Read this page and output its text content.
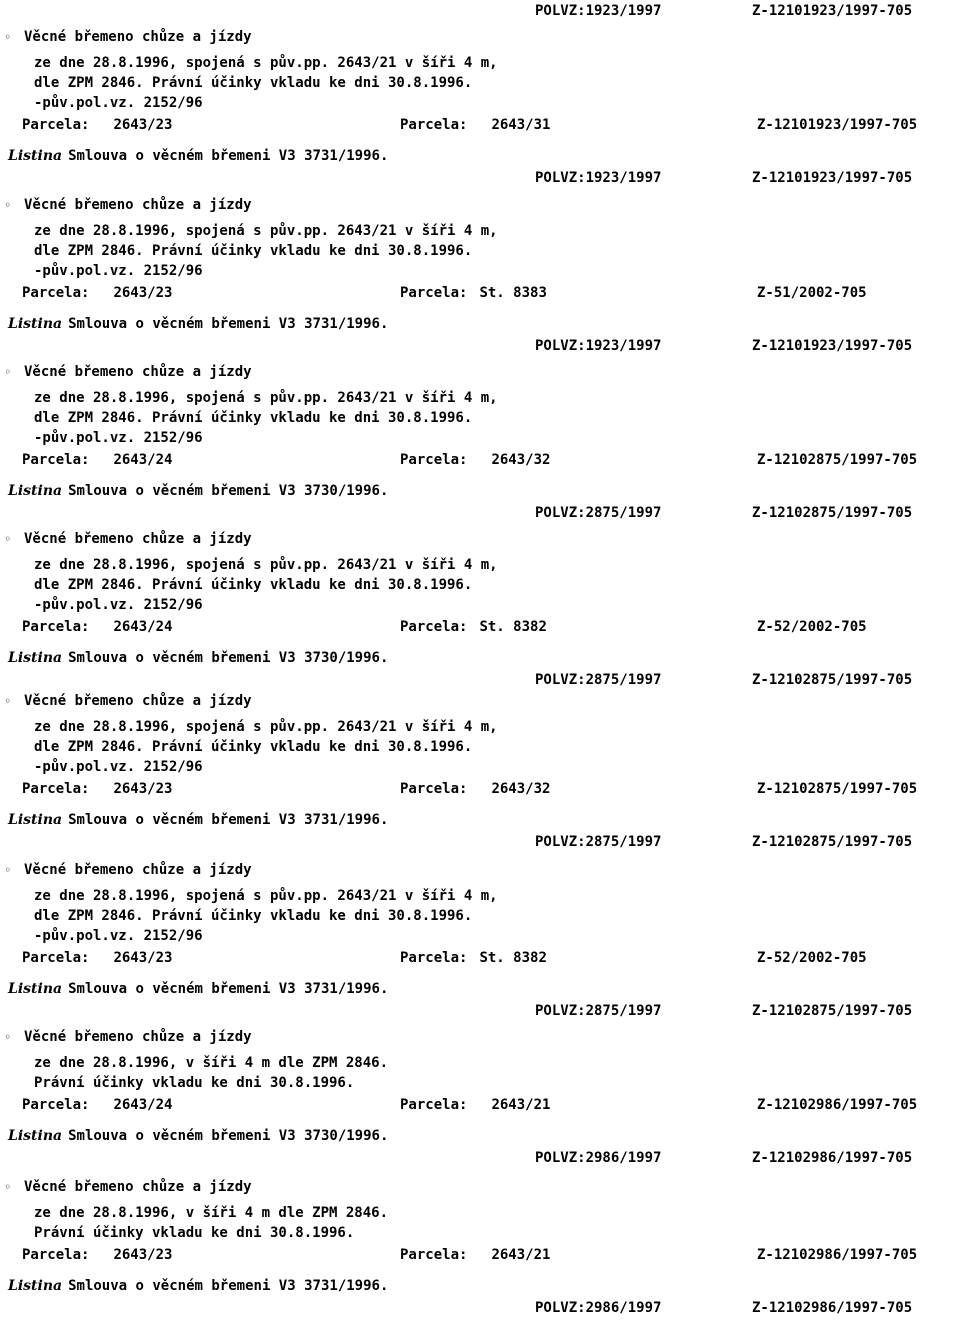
POLVZ:1923/1997	Z-12101923/1997-705
◦ Věcné břemeno chůze a jízdy
ze dne 28.8.1996, spojená s pův.pp. 2643/21 v šíři 4 m,
dle ZPM 2846. Právní účinky vkladu ke dni 30.8.1996.
-pův.pol.vz. 2152/96
Parcela: 2643/23	Parcela: 2643/31	Z-12101923/1997-705
Listina Smlouva o věcném břemeni V3 3731/1996.
POLVZ:1923/1997	Z-12101923/1997-705
◦ Věcné břemeno chůze a jízdy
ze dne 28.8.1996, spojená s pův.pp. 2643/21 v šíři 4 m,
dle ZPM 2846. Právní účinky vkladu ke dni 30.8.1996.
-pův.pol.vz. 2152/96
Parcela: 2643/23	Parcela: St. 8383	Z-51/2002-705
Listina Smlouva o věcném břemeni V3 3731/1996.
POLVZ:1923/1997	Z-12101923/1997-705
◦ Věcné břemeno chůze a jízdy
ze dne 28.8.1996, spojená s pův.pp. 2643/21 v šíři 4 m,
dle ZPM 2846. Právní účinky vkladu ke dni 30.8.1996.
-pův.pol.vz. 2152/96
Parcela: 2643/24	Parcela: 2643/32	Z-12102875/1997-705
Listina Smlouva o věcném břemeni V3 3730/1996.
POLVZ:2875/1997	Z-12102875/1997-705
◦ Věcné břemeno chůze a jízdy
ze dne 28.8.1996, spojená s pův.pp. 2643/21 v šíři 4 m,
dle ZPM 2846. Právní účinky vkladu ke dni 30.8.1996.
-pův.pol.vz. 2152/96
Parcela: 2643/24	Parcela: St. 8382	Z-52/2002-705
Listina Smlouva o věcném břemeni V3 3730/1996.
POLVZ:2875/1997	Z-12102875/1997-705
◦ Věcné břemeno chůze a jízdy
ze dne 28.8.1996, spojená s pův.pp. 2643/21 v šíři 4 m,
dle ZPM 2846. Právní účinky vkladu ke dni 30.8.1996.
-pův.pol.vz. 2152/96
Parcela: 2643/23	Parcela: 2643/32	Z-12102875/1997-705
Listina Smlouva o věcném břemeni V3 3731/1996.
POLVZ:2875/1997	Z-12102875/1997-705
◦ Věcné břemeno chůze a jízdy
ze dne 28.8.1996, spojená s pův.pp. 2643/21 v šíři 4 m,
dle ZPM 2846. Právní účinky vkladu ke dni 30.8.1996.
-pův.pol.vz. 2152/96
Parcela: 2643/23	Parcela: St. 8382	Z-52/2002-705
Listina Smlouva o věcném břemeni V3 3731/1996.
POLVZ:2875/1997	Z-12102875/1997-705
◦ Věcné břemeno chůze a jízdy
ze dne 28.8.1996, v šíři 4 m dle ZPM 2846.
Právní účinky vkladu ke dni 30.8.1996.
Parcela: 2643/24	Parcela: 2643/21	Z-12102986/1997-705
Listina Smlouva o věcném břemeni V3 3730/1996.
POLVZ:2986/1997	Z-12102986/1997-705
◦ Věcné břemeno chůze a jízdy
ze dne 28.8.1996, v šíři 4 m dle ZPM 2846.
Právní účinky vkladu ke dni 30.8.1996.
Parcela: 2643/23	Parcela: 2643/21	Z-12102986/1997-705
Listina Smlouva o věcném břemeni V3 3731/1996.
POLVZ:2986/1997	Z-12102986/1997-705
